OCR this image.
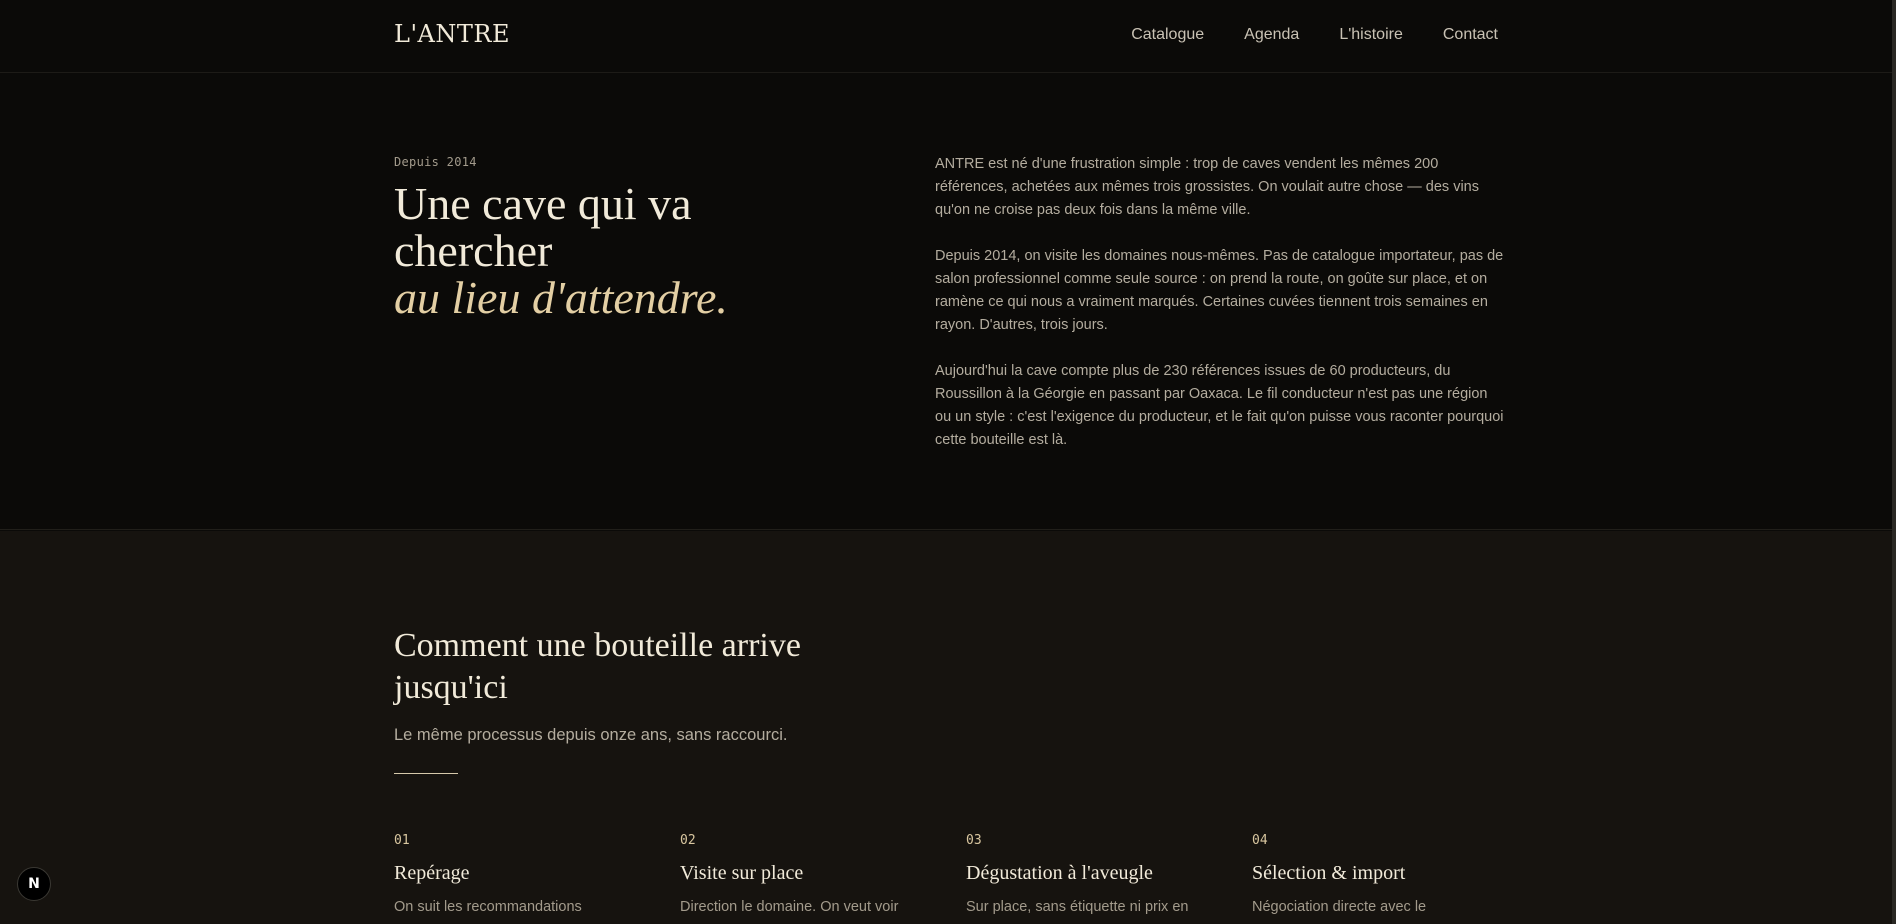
L'ANTRE	Catalogue	Agenda	L'histoire	Contact
Depuis 2014
Une cave qui va
chercher
au lieu d'attendre.

ANTRE est né d'une frustration simple : trop de caves vendent les mêmes 200 références, achetées aux mêmes trois grossistes. On voulait autre chose — des vins qu'on ne croise pas deux fois dans la même ville.

Depuis 2014, on visite les domaines nous-mêmes. Pas de catalogue importateur, pas de salon professionnel comme seule source : on prend la route, on goûte sur place, et on ramène ce qui nous a vraiment marqués. Certaines cuvées tiennent trois semaines en rayon. D'autres, trois jours.

Aujourd'hui la cave compte plus de 230 références issues de 60 producteurs, du Roussillon à la Géorgie en passant par Oaxaca. Le fil conducteur n'est pas une région ou un style : c'est l'exigence du producteur, et le fait qu'on puisse vous raconter pourquoi cette bouteille est là.

Comment une bouteille arrive
jusqu'ici

Le même processus depuis onze ans, sans raccourci.

01
Repérage
On suit les recommandations
02
Visite sur place
Direction le domaine. On veut voir
03
Dégustation à l'aveugle
Sur place, sans étiquette ni prix en
04
Sélection & import
Négociation directe avec le
N
